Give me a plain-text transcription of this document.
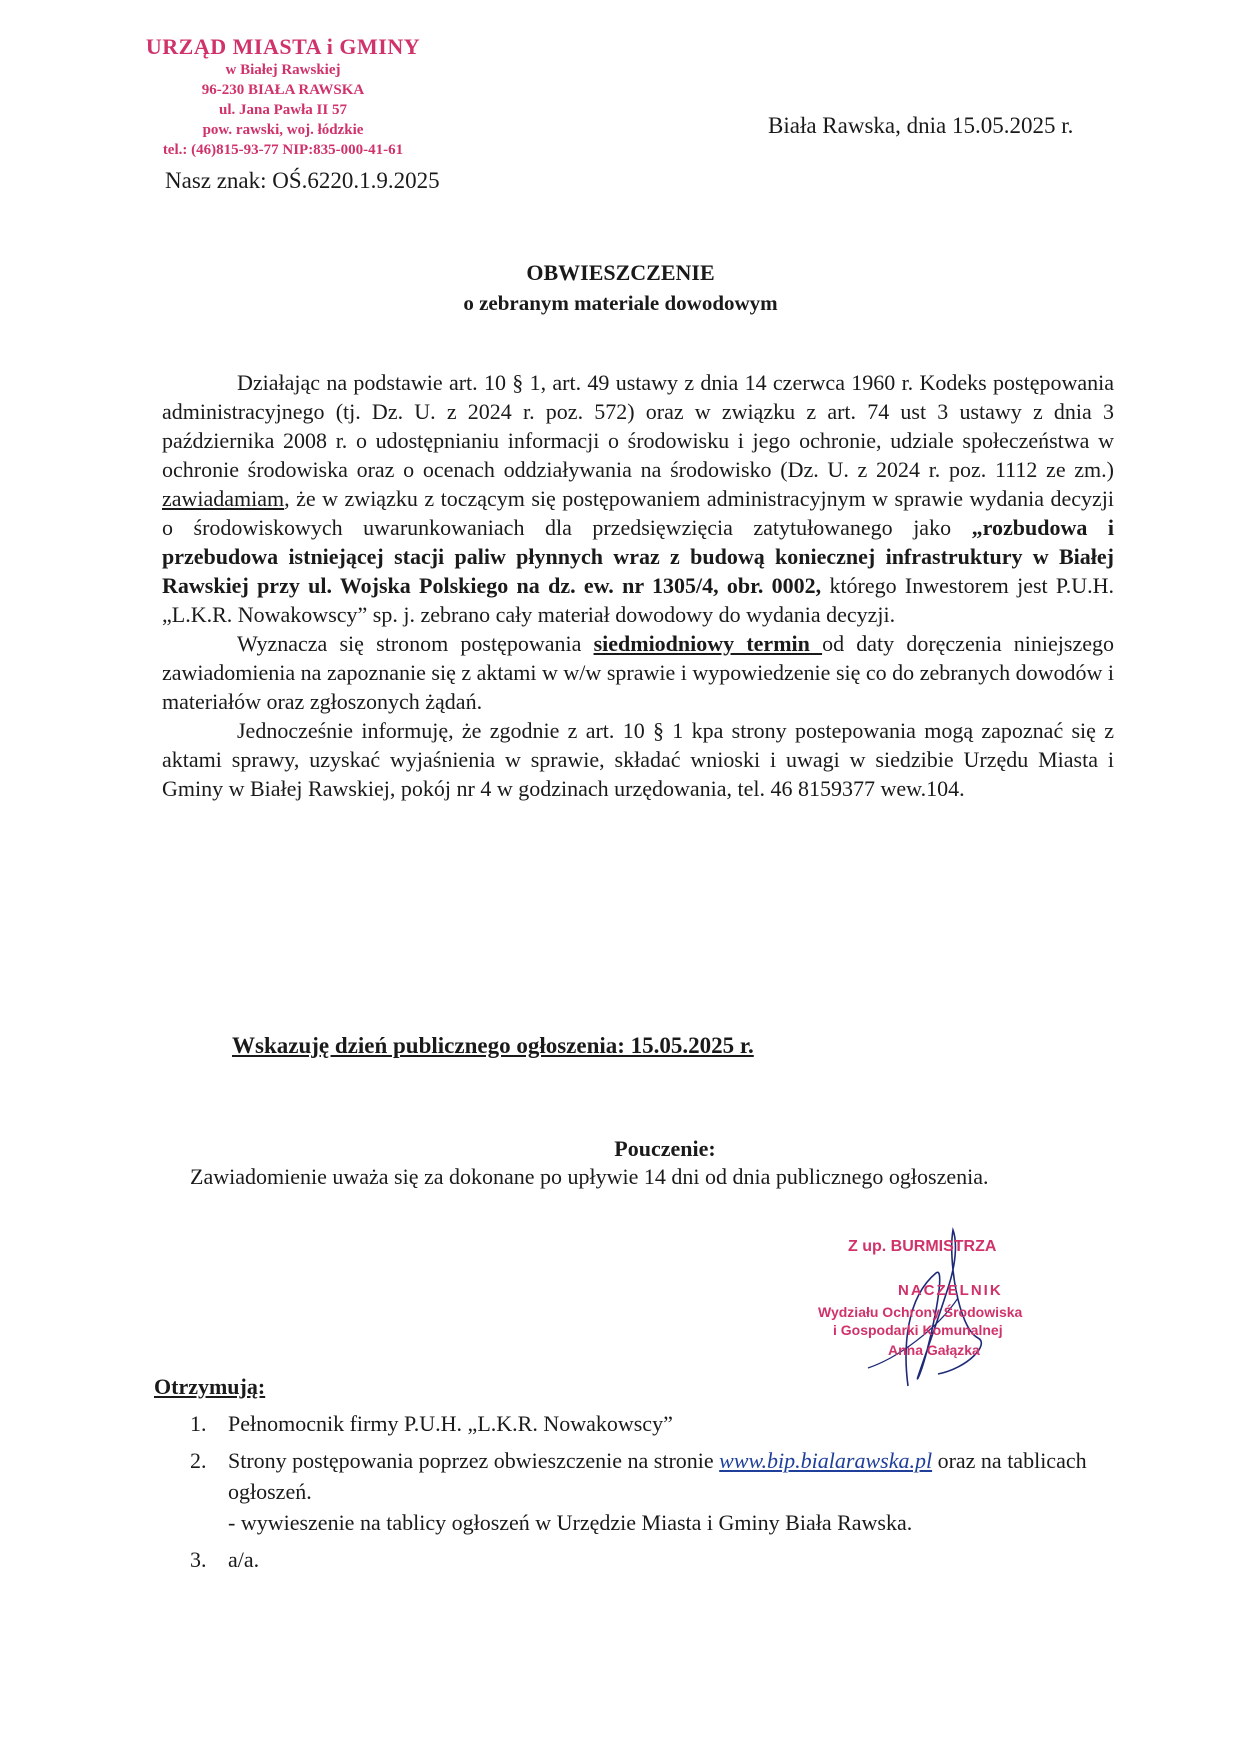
URZĄD MIASTA i GMINY
w Białej Rawskiej
96-230 BIAŁA RAWSKA
ul. Jana Pawła II 57
pow. rawski, woj. łódzkie
tel.: (46)815-93-77 NIP:835-000-41-61
Biała Rawska, dnia 15.05.2025 r.
Nasz znak: OŚ.6220.1.9.2025
OBWIESZCZENIE
o zebranym materiale dowodowym

Działając na podstawie art. 10 § 1, art. 49 ustawy z dnia 14 czerwca 1960 r. Kodeks postępowania administracyjnego (tj. Dz. U. z 2024 r. poz. 572) oraz w związku z art. 74 ust 3 ustawy z dnia 3 października 2008 r. o udostępnianiu informacji o środowisku i jego ochronie, udziale społeczeństwa w ochronie środowiska oraz o ocenach oddziaływania na środowisko (Dz. U. z 2024 r. poz. 1112 ze zm.) zawiadamiam, że w związku z toczącym się postępowaniem administracyjnym w sprawie wydania decyzji o środowiskowych uwarunkowaniach dla przedsięwzięcia zatytułowanego jako „rozbudowa i przebudowa istniejącej stacji paliw płynnych wraz z budową koniecznej infrastruktury w Białej Rawskiej przy ul. Wojska Polskiego na dz. ew. nr 1305/4, obr. 0002, którego Inwestorem jest P.U.H. „L.K.R. Nowakowscy” sp. j. zebrano cały materiał dowodowy do wydania decyzji.

Wyznacza się stronom postępowania siedmiodniowy termin od daty doręczenia niniejszego zawiadomienia na zapoznanie się z aktami w w/w sprawie i wypowiedzenie się co do zebranych dowodów i materiałów oraz zgłoszonych żądań.

Jednocześnie informuję, że zgodnie z art. 10 § 1 kpa strony postepowania mogą zapoznać się z aktami sprawy, uzyskać wyjaśnienia w sprawie, składać wnioski i uwagi w siedzibie Urzędu Miasta i Gminy w Białej Rawskiej, pokój nr 4 w godzinach urzędowania, tel. 46 8159377 wew.104.

Wskazuję dzień publicznego ogłoszenia: 15.05.2025 r.
Pouczenie:
Zawiadomienie uważa się za dokonane po upływie 14 dni od dnia publicznego ogłoszenia.
Z up. BURMISTRZA
NACZELNIK
Wydziału Ochrony Środowiska
i Gospodarki Komunalnej
Anna Gałązka
Otrzymują:
1. Pełnomocnik firmy P.U.H. „L.K.R. Nowakowscy”
2. Strony postępowania poprzez obwieszczenie na stronie www.bip.bialarawska.pl oraz na tablicach ogłoszeń.
- wywieszenie na tablicy ogłoszeń w Urzędzie Miasta i Gminy Biała Rawska.
3. a/a.
